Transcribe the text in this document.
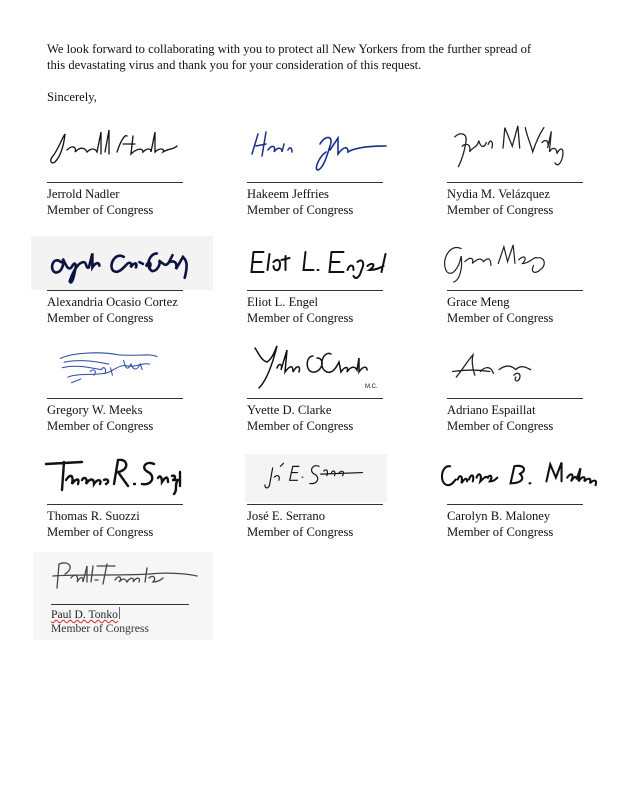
We look forward to collaborating with you to protect all New Yorkers from the further spread of
this devastating virus and thank you for your consideration of this request.

Sincerely,

Jerrold Nadler
Member of Congress
Hakeem Jeffries
Member of Congress
Nydia M. Velázquez
Member of Congress
Alexandria Ocasio Cortez
Member of Congress
Eliot L. Engel
Member of Congress
Grace Meng
Member of Congress
Gregory W. Meeks
Member of Congress
M.C.
Yvette D. Clarke
Member of Congress
Adriano Espaillat
Member of Congress
Thomas R. Suozzi
Member of Congress
José E. Serrano
Member of Congress
Carolyn B. Maloney
Member of Congress
Paul D. Tonko
Member of Congress
